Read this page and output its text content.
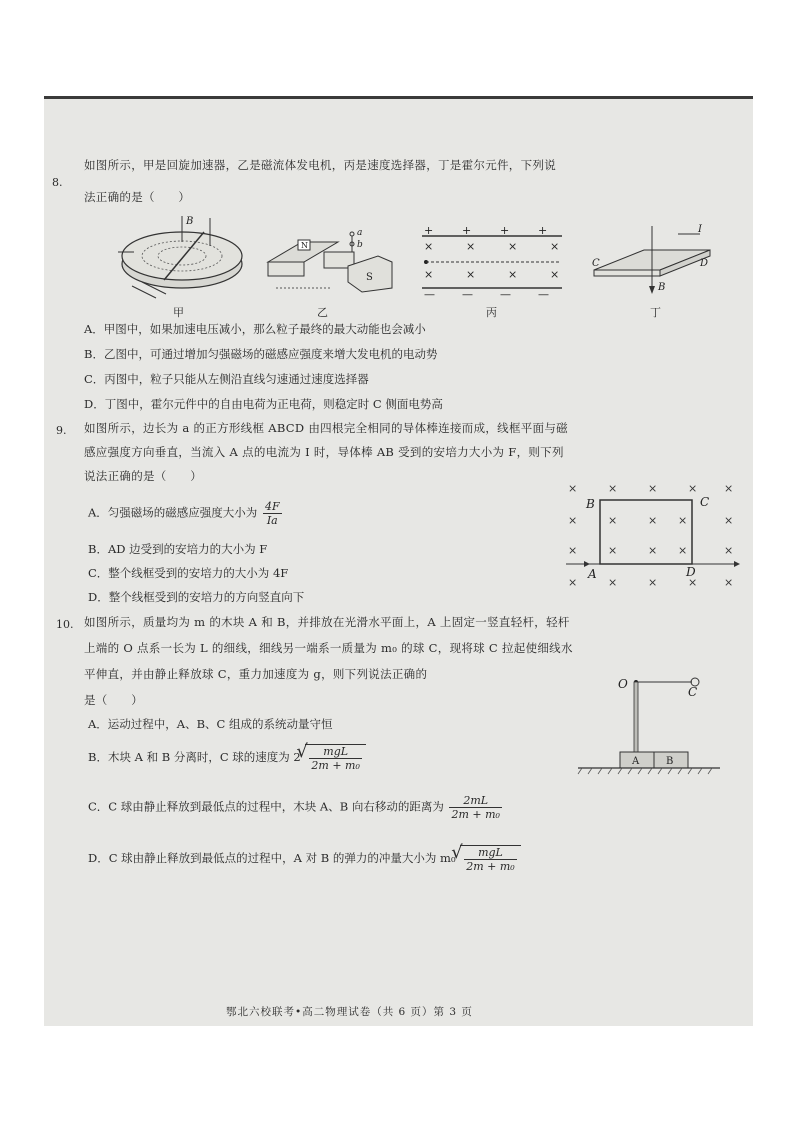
8.
如图所示，甲是回旋加速器，乙是磁流体发电机，丙是速度选择器，丁是霍尔元件，下列说
法正确的是（　　）
B
甲
N
a
b
S
乙
+	+	+	+
×	×	×	×
×	×	×	×
— — — —
丙
I
C	D
B
丁
A．甲图中，如果加速电压减小，那么粒子最终的最大动能也会减小
B．乙图中，可通过增加匀强磁场的磁感应强度来增大发电机的电动势
C．丙图中，粒子只能从左侧沿直线匀速通过速度选择器
D．丁图中，霍尔元件中的自由电荷为正电荷，则稳定时 C 侧面电势高
9. 如图所示，边长为 a 的正方形线框 ABCD 由四根完全相同的导体棒连接而成，线框平面与磁
感应强度方向垂直，当流入 A 点的电流为 I 时，导体棒 AB 受到的安培力大小为 F，则下列
说法正确的是（　　）
A．匀强磁场的磁感应强度大小为 $\frac{4F}{Ia}$
B．AD 边受到的安培力的大小为 F
C．整个线框受到的安培力的大小为 4F
D．整个线框受到的安培力的方向竖直向下
×	×	×	× ×
×	×	× ×	×
×	×	× ×	×
×	×	×	× ×
B	C
A	D
10. 如图所示，质量均为 m 的木块 A 和 B，并排放在光滑水平面上，A 上固定一竖直轻杆，轻杆
上端的 O 点系一长为 L 的细线，细线另一端系一质量为 m₀ 的球 C，现将球 C 拉起使细线水
平伸直，并由静止释放球 C，重力加速度为 g，则下列说法正确的
是（　　）
A．运动过程中，A、B、C 组成的系统动量守恒
B．木块 A 和 B 分离时，C 球的速度为 2 √ $\frac{\text{mgL}}{\text{2m + m₀}}$
C．C 球由静止释放到最低点的过程中，木块 A、B 向右移动的距离为 $\frac{2mL}{\text{2m + m₀}}$
D．C 球由静止释放到最低点的过程中，A 对 B 的弹力的冲量大小为 m₀ √ $\frac{\text{mgL}}{\text{2m + m₀}}$
O
C
A	B
鄂北六校联考•高二物理试卷（共 6 页）第 3 页
